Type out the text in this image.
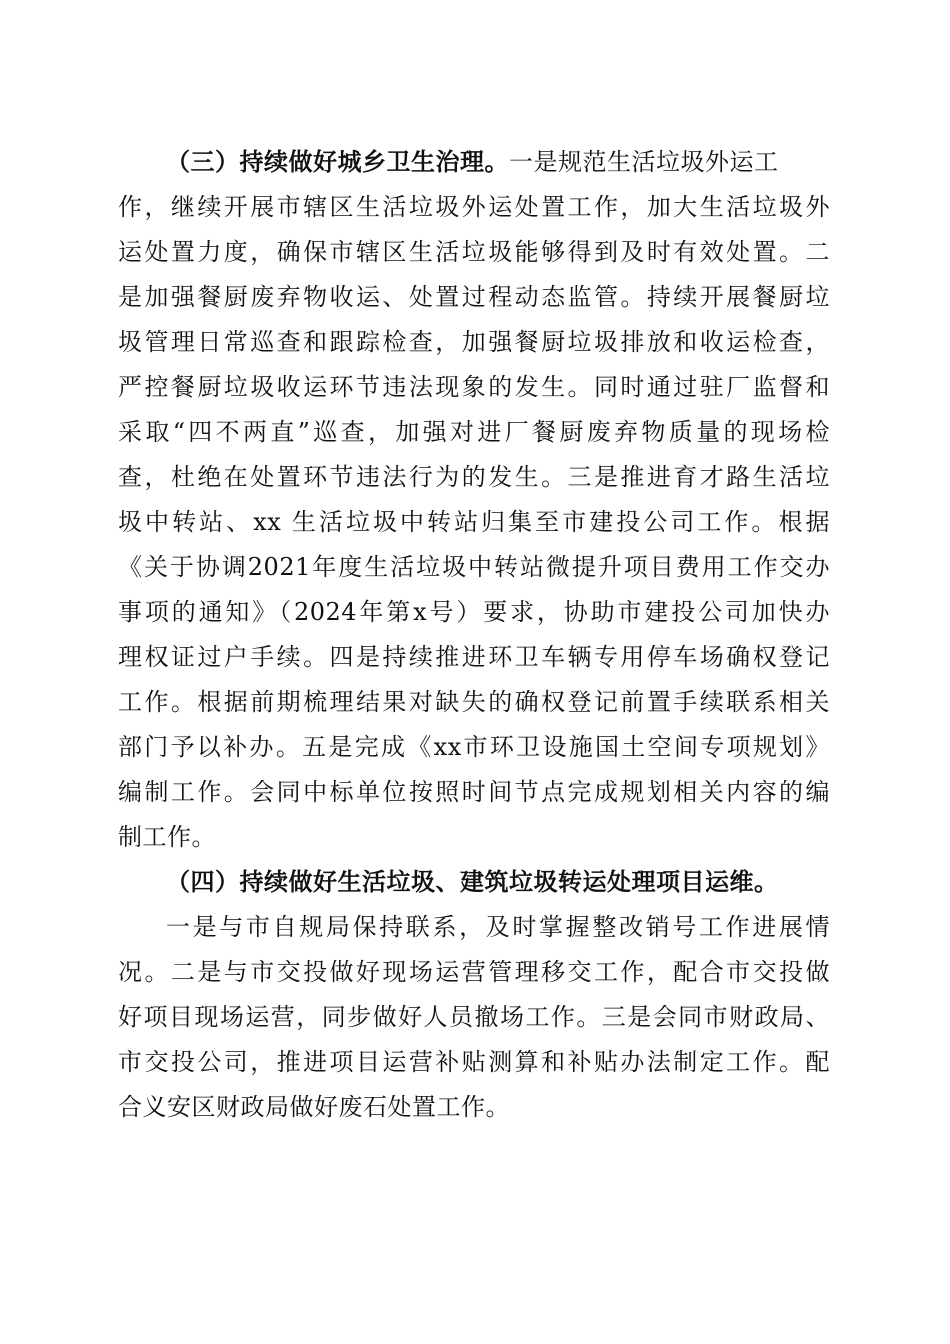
（三）持续做好城乡卫生治理。一是规范生活垃圾外运工
作，继续开展市辖区生活垃圾外运处置工作，加大生活垃圾外
运处置力度，确保市辖区生活垃圾能够得到及时有效处置。二
是加强餐厨废弃物收运、处置过程动态监管。持续开展餐厨垃
圾管理日常巡查和跟踪检查，加强餐厨垃圾排放和收运检查，
严控餐厨垃圾收运环节违法现象的发生。同时通过驻厂监督和
采取“四不两直”巡查，加强对进厂餐厨废弃物质量的现场检
查，杜绝在处置环节违法行为的发生。三是推进育才路生活垃
圾中转站、xx 生活垃圾中转站归集至市建投公司工作。根据
《关于协调2021年度生活垃圾中转站微提升项目费用工作交办
事项的通知》（2024年第x号）要求，协助市建投公司加快办
理权证过户手续。四是持续推进环卫车辆专用停车场确权登记
工作。根据前期梳理结果对缺失的确权登记前置手续联系相关
部门予以补办。五是完成《xx市环卫设施国土空间专项规划》
编制工作。会同中标单位按照时间节点完成规划相关内容的编
制工作。
（四）持续做好生活垃圾、建筑垃圾转运处理项目运维。
一是与市自规局保持联系，及时掌握整改销号工作进展情
况。二是与市交投做好现场运营管理移交工作，配合市交投做
好项目现场运营，同步做好人员撤场工作。三是会同市财政局、
市交投公司，推进项目运营补贴测算和补贴办法制定工作。配
合义安区财政局做好废石处置工作。
